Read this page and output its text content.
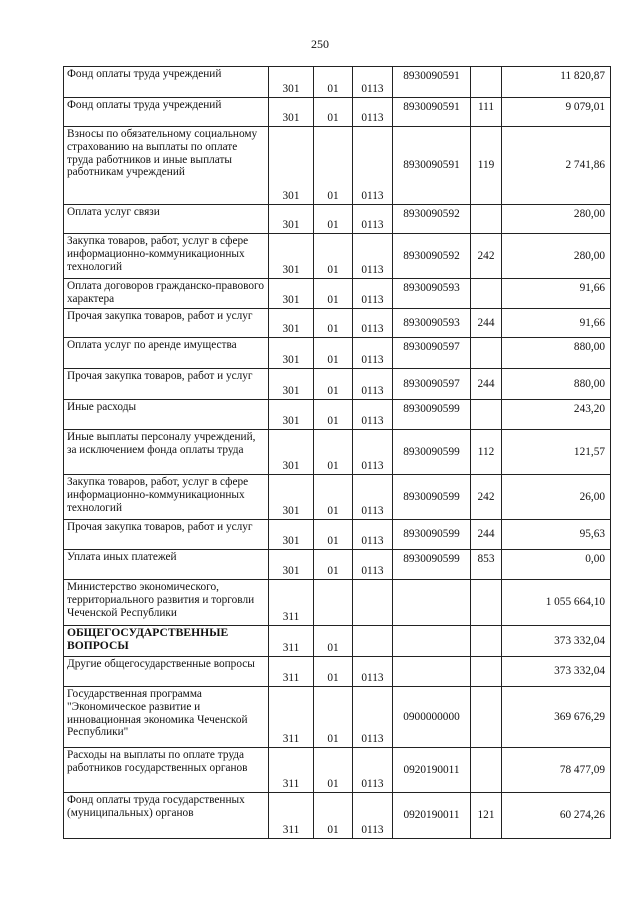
250
Фонд оплаты труда учреждений	301	01	0113	8930090591		11 820,87
Фонд оплаты труда учреждений	301	01	0113	8930090591	111	9 079,01
Взносы по обязательному социальному страхованию на выплаты по оплате труда работников и иные выплаты работникам учреждений	301	01	0113	8930090591	119	2 741,86
Оплата услуг связи	301	01	0113	8930090592		280,00
Закупка товаров, работ, услуг в сфере информационно-коммуникационных технологий	301	01	0113	8930090592	242	280,00
Оплата договоров гражданско-правового характера	301	01	0113	8930090593		91,66
Прочая закупка товаров, работ и услуг	301	01	0113	8930090593	244	91,66
Оплата услуг по аренде имущества	301	01	0113	8930090597		880,00
Прочая закупка товаров, работ и услуг	301	01	0113	8930090597	244	880,00
Иные расходы	301	01	0113	8930090599		243,20
Иные выплаты персоналу учреждений, за исключением фонда оплаты труда	301	01	0113	8930090599	112	121,57
Закупка товаров, работ, услуг в сфере информационно-коммуникационных технологий	301	01	0113	8930090599	242	26,00
Прочая закупка товаров, работ и услуг	301	01	0113	8930090599	244	95,63
Уплата иных платежей	301	01	0113	8930090599	853	0,00
Министерство экономического, территориального развития и торговли Чеченской Республики	311					1 055 664,10
ОБЩЕГОСУДАРСТВЕННЫЕ ВОПРОСЫ	311	01				373 332,04
Другие общегосударственные вопросы	311	01	0113			373 332,04
Государственная программа "Экономическое развитие и инновационная экономика Чеченской Республики"	311	01	0113	0900000000		369 676,29
Расходы на выплаты по оплате труда работников государственных органов	311	01	0113	0920190011		78 477,09
Фонд оплаты труда государственных (муниципальных) органов	311	01	0113	0920190011	121	60 274,26
